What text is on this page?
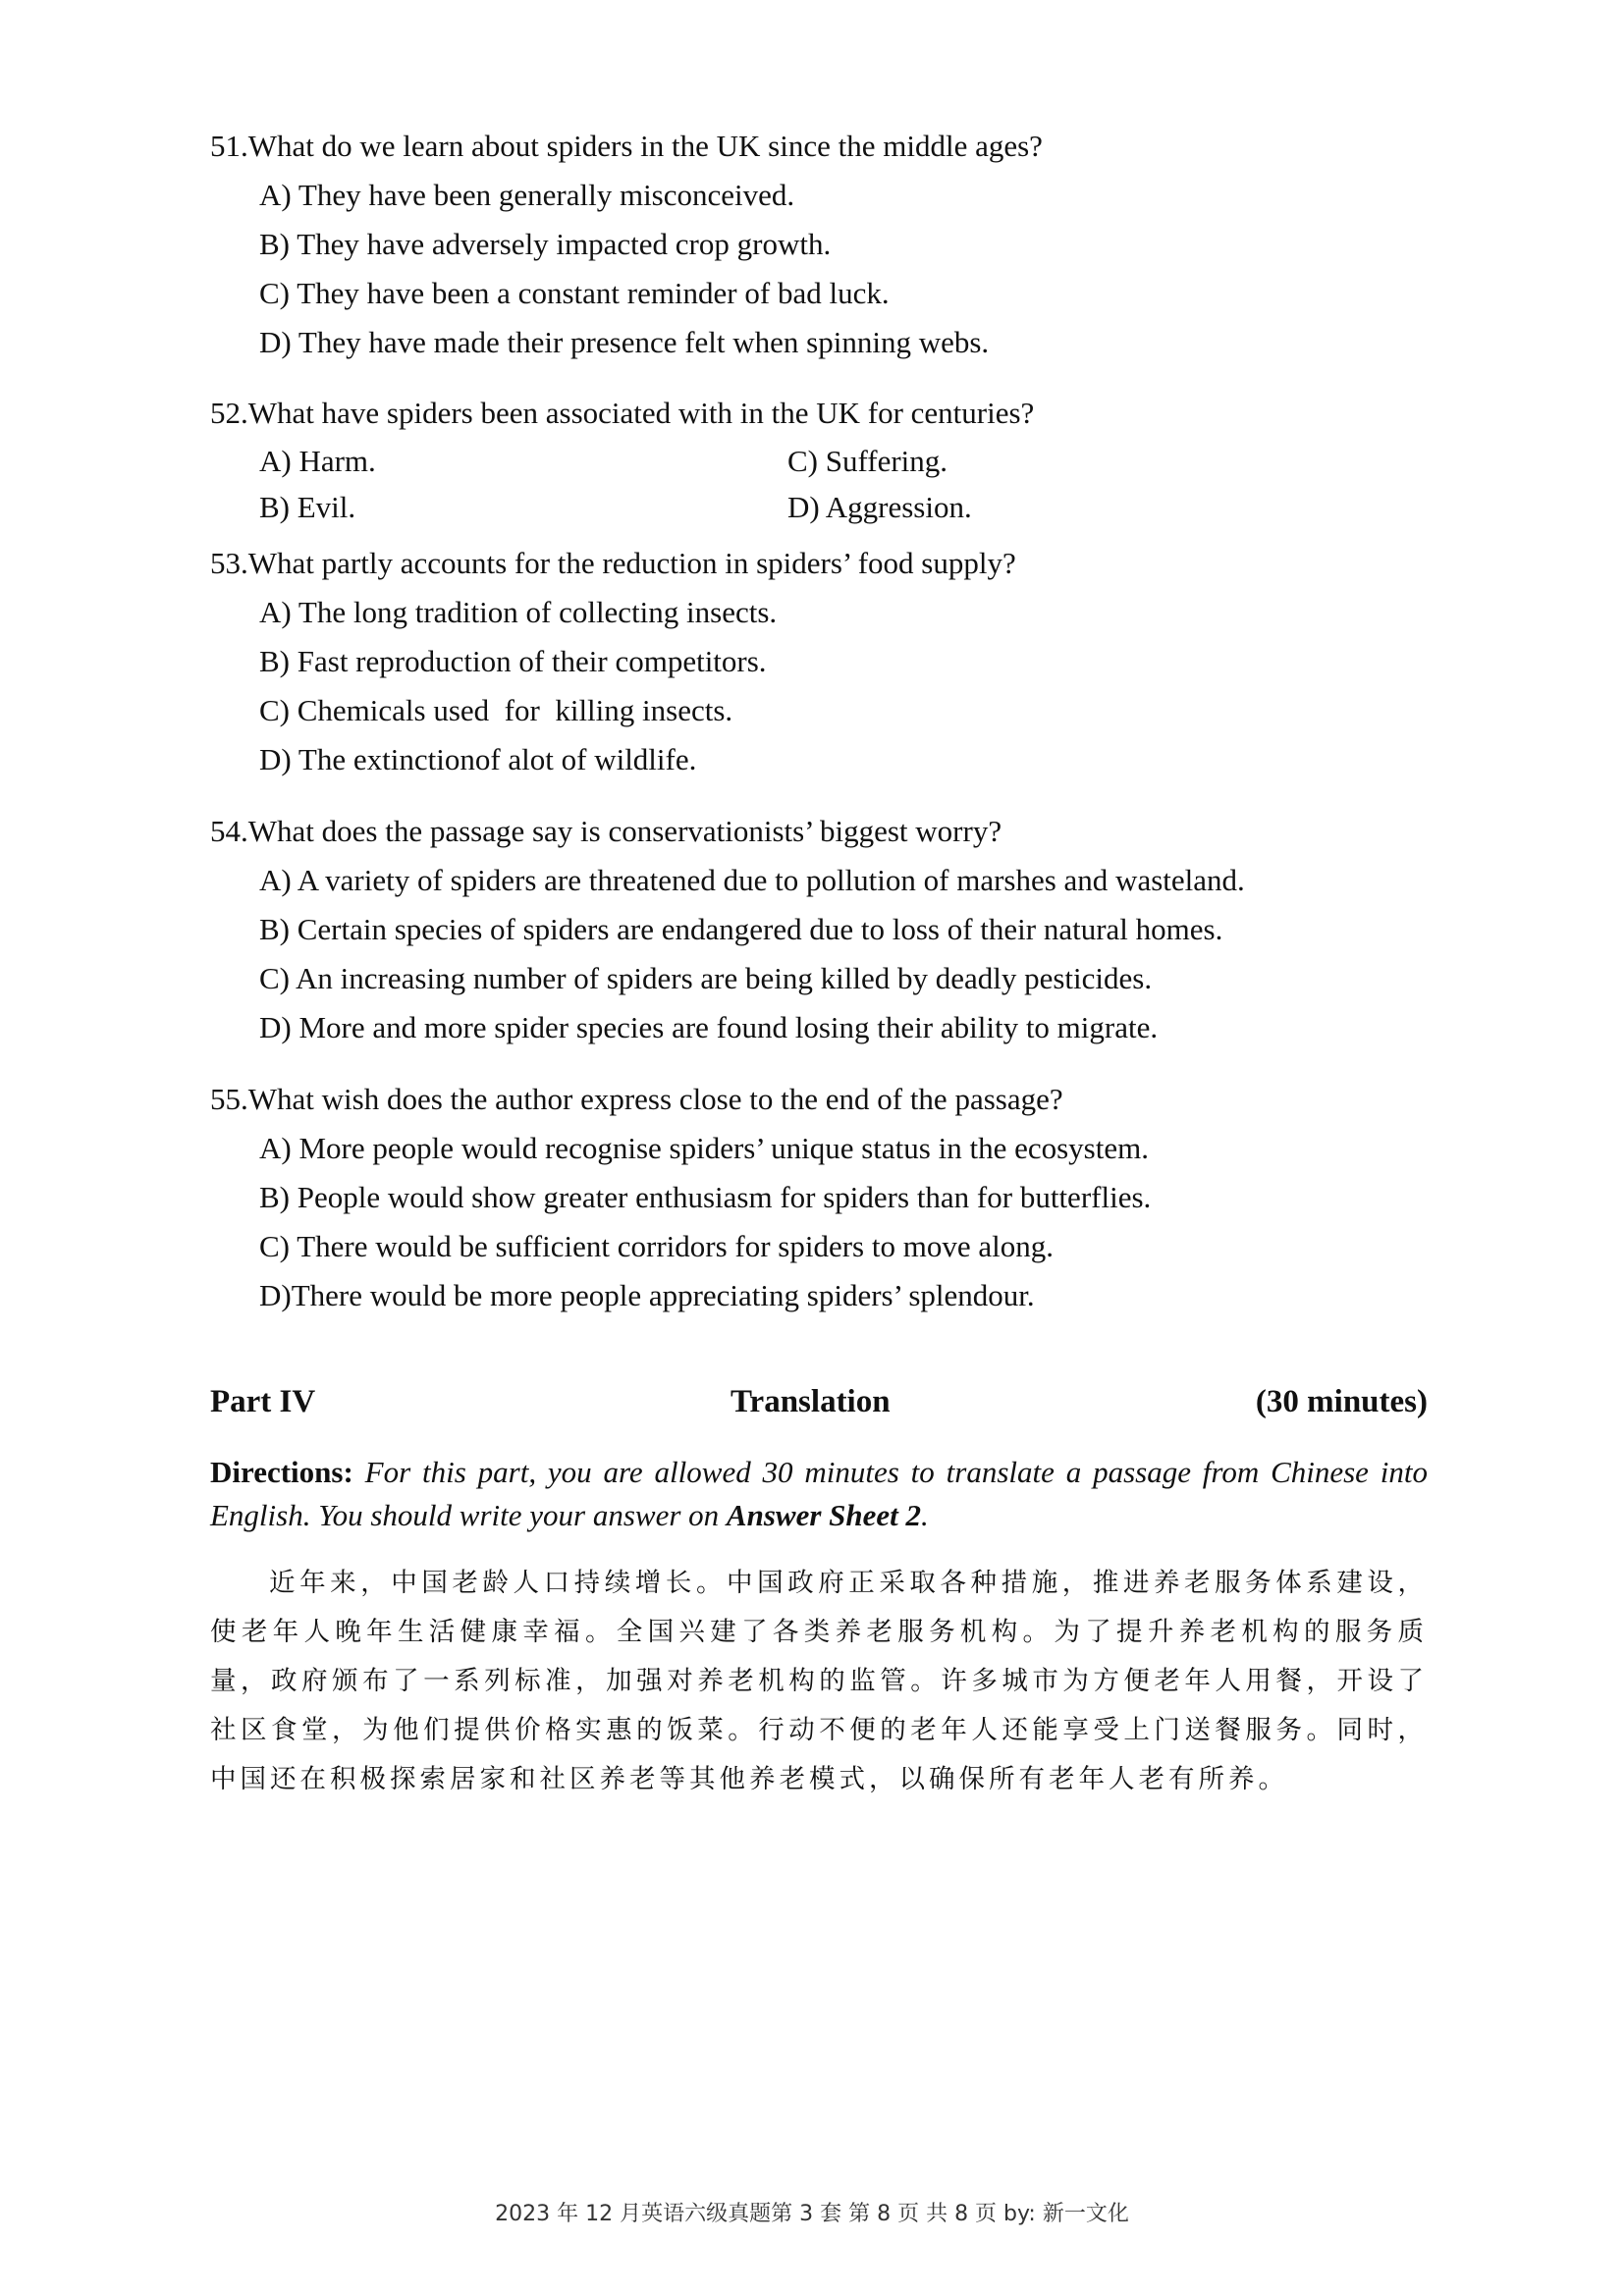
51.What do we learn about spiders in the UK since the middle ages?
A) They have been generally misconceived.
B) They have adversely impacted crop growth.
C) They have been a constant reminder of bad luck.
D) They have made their presence felt when spinning webs.
52.What have spiders been associated with in the UK for centuries?
A) Harm.	C) Suffering.
B) Evil.	D) Aggression.
53.What partly accounts for the reduction in spiders’ food supply?
A) The long tradition of collecting insects.
B) Fast reproduction of their competitors.
C) Chemicals used  for  killing insects.
D) The extinctionof alot of wildlife.
54.What does the passage say is conservationists’ biggest worry?
A) A variety of spiders are threatened due to pollution of marshes and wasteland.
B) Certain species of spiders are endangered due to loss of their natural homes.
C) An increasing number of spiders are being killed by deadly pesticides.
D) More and more spider species are found losing their ability to migrate.
55.What wish does the author express close to the end of the passage?
A) More people would recognise spiders’ unique status in the ecosystem.
B) People would show greater enthusiasm for spiders than for butterflies.
C) There would be sufficient corridors for spiders to move along.
D)There would be more people appreciating spiders’ splendour.
Part IV	Translation	(30 minutes)
Directions: For this part, you are allowed 30 minutes to translate a passage from Chinese into English. You should write your answer on Answer Sheet 2.
近年来，中国老龄人口持续增长。中国政府正采取各种措施，推进养老服务体系建设，使老年人晚年生活健康幸福。全国兴建了各类养老服务机构。为了提升养老机构的服务质量，政府颁布了一系列标准，加强对养老机构的监管。许多城市为方便老年人用餐，开设了社区食堂，为他们提供价格实惠的饭菜。行动不便的老年人还能享受上门送餐服务。同时，中国还在积极探索居家和社区养老等其他养老模式，以确保所有老年人老有所养。
2023 年 12 月英语六级真题第 3 套 第 8 页 共 8 页 by: 新一文化
